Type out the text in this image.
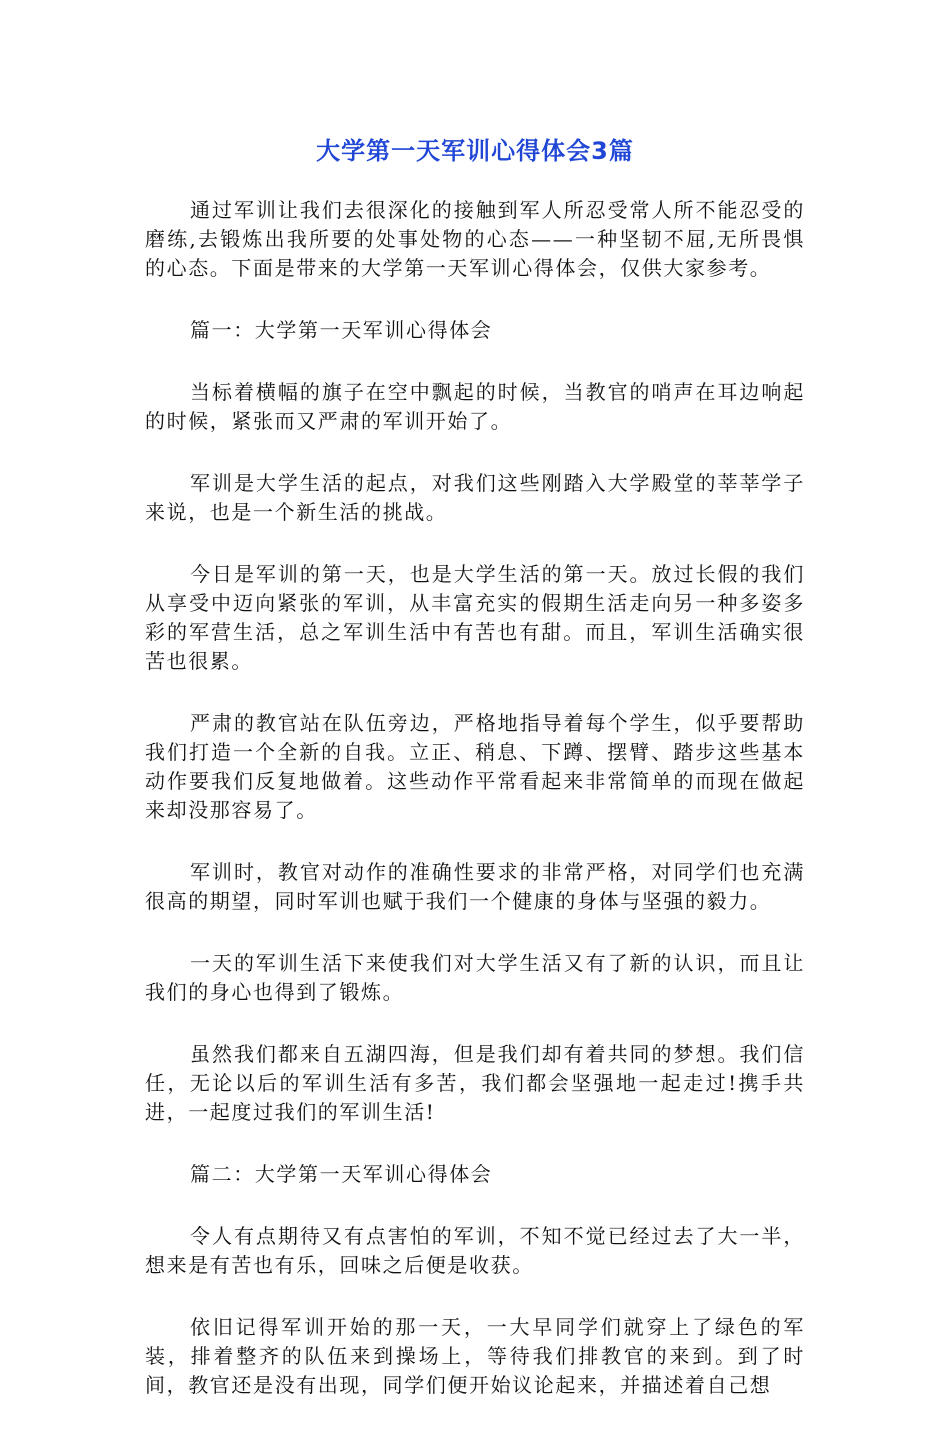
大学第一天军训心得体会3篇

通过军训让我们去很深化的接触到军人所忍受常人所不能忍受的磨练,去锻炼出我所要的处事处物的心态——一种坚韧不屈,无所畏惧的心态。下面是带来的大学第一天军训心得体会，仅供大家参考。

篇一：大学第一天军训心得体会

当标着横幅的旗子在空中飘起的时候，当教官的哨声在耳边响起的时候，紧张而又严肃的军训开始了。

军训是大学生活的起点，对我们这些刚踏入大学殿堂的莘莘学子来说，也是一个新生活的挑战。

今日是军训的第一天，也是大学生活的第一天。放过长假的我们从享受中迈向紧张的军训，从丰富充实的假期生活走向另一种多姿多彩的军营生活，总之军训生活中有苦也有甜。而且，军训生活确实很苦也很累。

严肃的教官站在队伍旁边，严格地指导着每个学生，似乎要帮助我们打造一个全新的自我。立正、稍息、下蹲、摆臂、踏步这些基本动作要我们反复地做着。这些动作平常看起来非常简单的而现在做起来却没那容易了。

军训时，教官对动作的准确性要求的非常严格，对同学们也充满很高的期望，同时军训也赋于我们一个健康的身体与坚强的毅力。

一天的军训生活下来使我们对大学生活又有了新的认识，而且让我们的身心也得到了锻炼。

虽然我们都来自五湖四海，但是我们却有着共同的梦想。我们信任，无论以后的军训生活有多苦，我们都会坚强地一起走过!携手共进，一起度过我们的军训生活!

篇二：大学第一天军训心得体会

令人有点期待又有点害怕的军训，不知不觉已经过去了大一半，想来是有苦也有乐，回味之后便是收获。

依旧记得军训开始的那一天，一大早同学们就穿上了绿色的军装，排着整齐的队伍来到操场上，等待我们排教官的来到。到了时间，教官还是没有出现，同学们便开始议论起来，并描述着自己想
